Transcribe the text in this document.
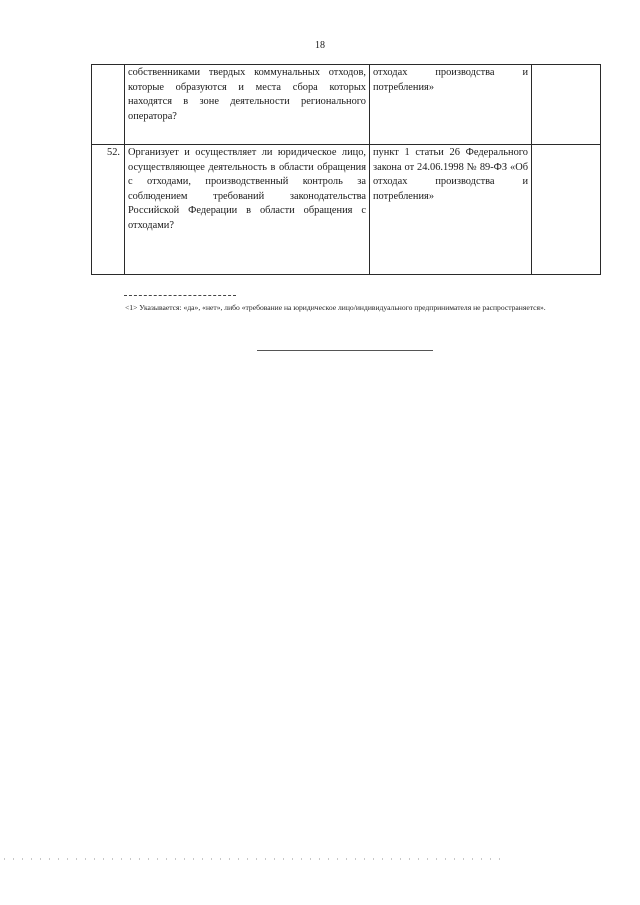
18
	собственниками твердых коммунальных отходов, которые образуются и места сбора которых находятся в зоне деятельности регионального оператора?	отходах производства и потребления»	
52.	Организует и осуществляет ли юридическое лицо, осуществляющее деятельность в области обращения с отходами, производственный контроль за соблюдением требований законодательства Российской Федерации в области обращения с отходами?	пункт 1 статьи 26 Федерального закона от 24.06.1998 № 89-ФЗ «Об отходах производства и потребления»	
<1> Указывается: «да», «нет», либо «требование на юридическое лицо/индивидуального предпринимателя не распространяется».
